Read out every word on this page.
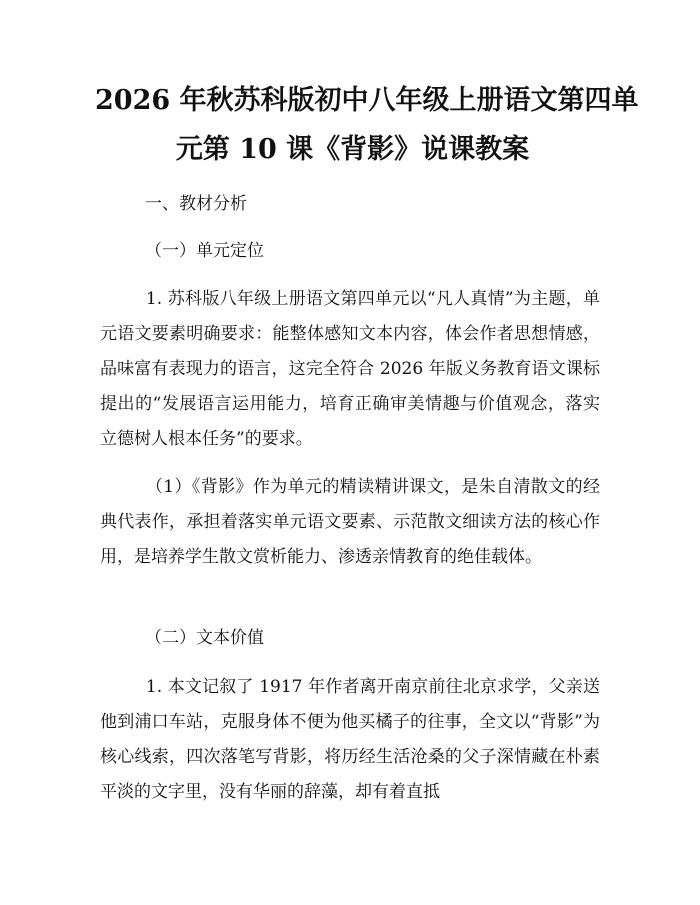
2026 年秋苏科版初中八年级上册语文第四单
元第 10 课《背影》说课教案
一、教材分析
（一）单元定位

1. 苏科版八年级上册语文第四单元以“凡人真情”为主题，单元语文要素明确要求：能整体感知文本内容，体会作者思想情感，品味富有表现力的语言，这完全符合 2026 年版义务教育语文课标提出的“发展语言运用能力，培育正确审美情趣与价值观念，落实立德树人根本任务”的要求。

（1）《背影》作为单元的精读精讲课文，是朱自清散文的经典代表作，承担着落实单元语文要素、示范散文细读方法的核心作用，是培养学生散文赏析能力、渗透亲情教育的绝佳载体。

（二）文本价值

1. 本文记叙了 1917 年作者离开南京前往北京求学，父亲送他到浦口车站，克服身体不便为他买橘子的往事，全文以“背影”为核心线索，四次落笔写背影，将历经生活沧桑的父子深情藏在朴素平淡的文字里，没有华丽的辞藻，却有着直抵
